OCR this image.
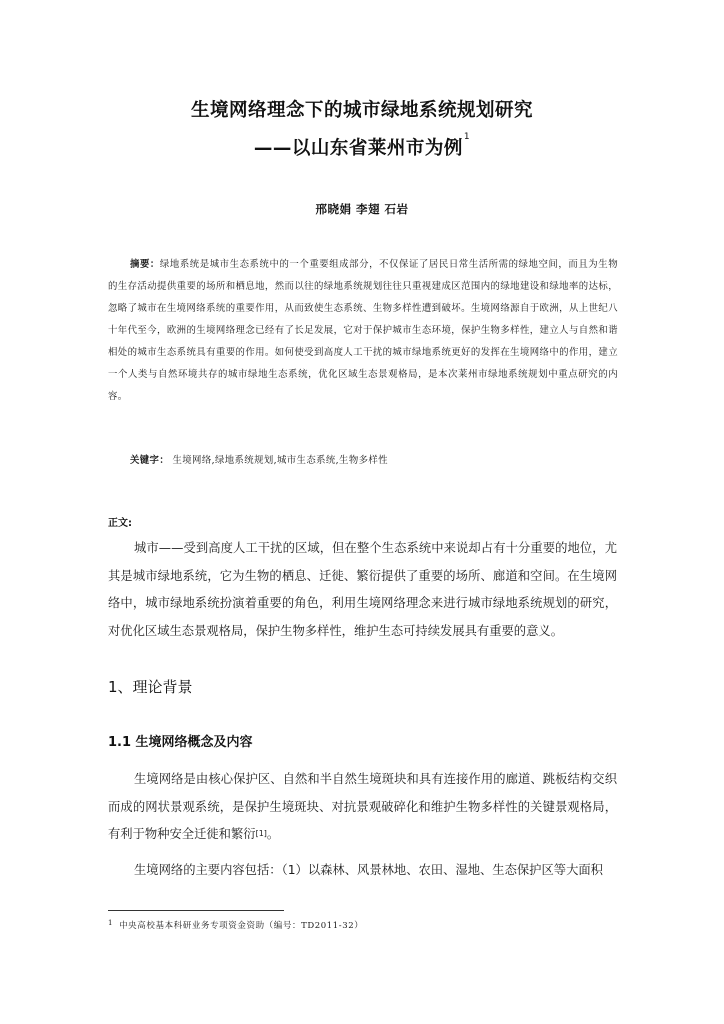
生境网络理念下的城市绿地系统规划研究
——以山东省莱州市为例$^1$
邢晓娟 李翅 石岩

摘要：绿地系统是城市生态系统中的一个重要组成部分，不仅保证了居民日常生活所需的绿地空间，而且为生物的生存活动提供重要的场所和栖息地，然而以往的绿地系统规划往往只重视建成区范围内的绿地建设和绿地率的达标，忽略了城市在生境网络系统的重要作用，从而致使生态系统、生物多样性遭到破坏。生境网络源自于欧洲，从上世纪八十年代至今，欧洲的生境网络理念已经有了长足发展，它对于保护城市生态环境，保护生物多样性，建立人与自然和谐相处的城市生态系统具有重要的作用。如何使受到高度人工干扰的城市绿地系统更好的发挥在生境网络中的作用，建立一个人类与自然环境共存的城市绿地生态系统，优化区域生态景观格局，是本次莱州市绿地系统规划中重点研究的内容。

关键字： 生境网络,绿地系统规划,城市生态系统,生物多样性

正文:

城市——受到高度人工干扰的区域，但在整个生态系统中来说却占有十分重要的地位，尤其是城市绿地系统，它为生物的栖息、迁徙、繁衍提供了重要的场所、廊道和空间。在生境网络中，城市绿地系统扮演着重要的角色，利用生境网络理念来进行城市绿地系统规划的研究，对优化区域生态景观格局，保护生物多样性，维护生态可持续发展具有重要的意义。

1、理论背景
1.1 生境网络概念及内容

生境网络是由核心保护区、自然和半自然生境斑块和具有连接作用的廊道、跳板结构交织而成的网状景观系统，是保护生境斑块、对抗景观破碎化和维护生物多样性的关键景观格局，有利于物种安全迁徙和繁衍[1]。

生境网络的主要内容包括：（1）以森林、风景林地、农田、湿地、生态保护区等大面积

$^1$ 中央高校基本科研业务专项资金资助（编号：TD2011-32）
